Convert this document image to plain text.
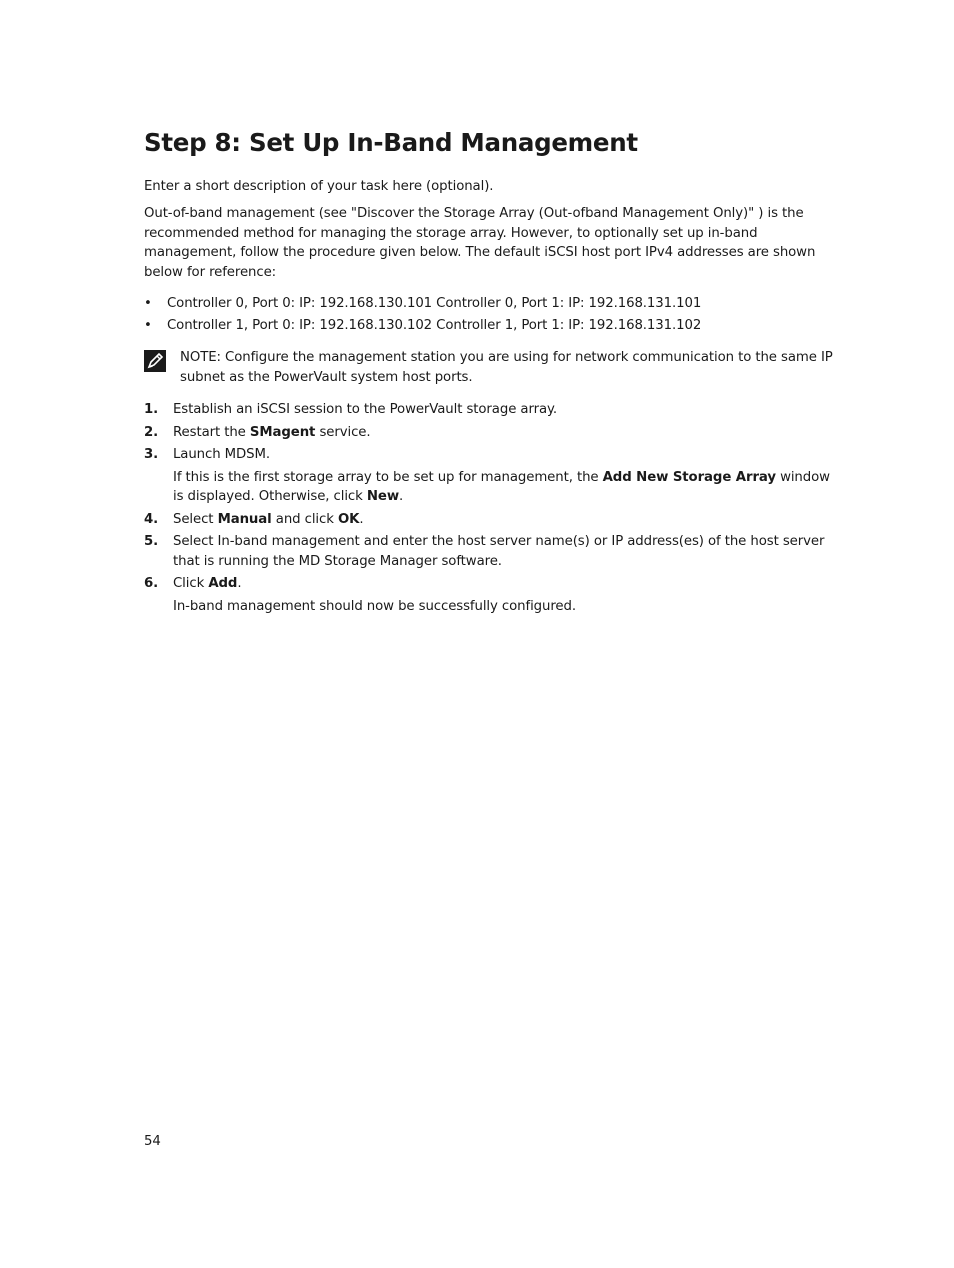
Step 8: Set Up In-Band Management

Enter a short description of your task here (optional).

Out-of-band management (see "Discover the Storage Array (Out-ofband Management Only)" ) is the recommended method for managing the storage array. However, to optionally set up in-band management, follow the procedure given below. The default iSCSI host port IPv4 addresses are shown below for reference:

• Controller 0, Port 0: IP: 192.168.130.101 Controller 0, Port 1: IP: 192.168.131.101
• Controller 1, Port 0: IP: 192.168.130.102 Controller 1, Port 1: IP: 192.168.131.102
NOTE: Configure the management station you are using for network communication to the same IP subnet as the PowerVault system host ports.
1. Establish an iSCSI session to the PowerVault storage array.
2. Restart the SMagent service.
3. Launch MDSM.
If this is the first storage array to be set up for management, the Add New Storage Array window is displayed. Otherwise, click New.
4. Select Manual and click OK.
5. Select In-band management and enter the host server name(s) or IP address(es) of the host server that is running the MD Storage Manager software.
6. Click Add.
In-band management should now be successfully configured.
54
